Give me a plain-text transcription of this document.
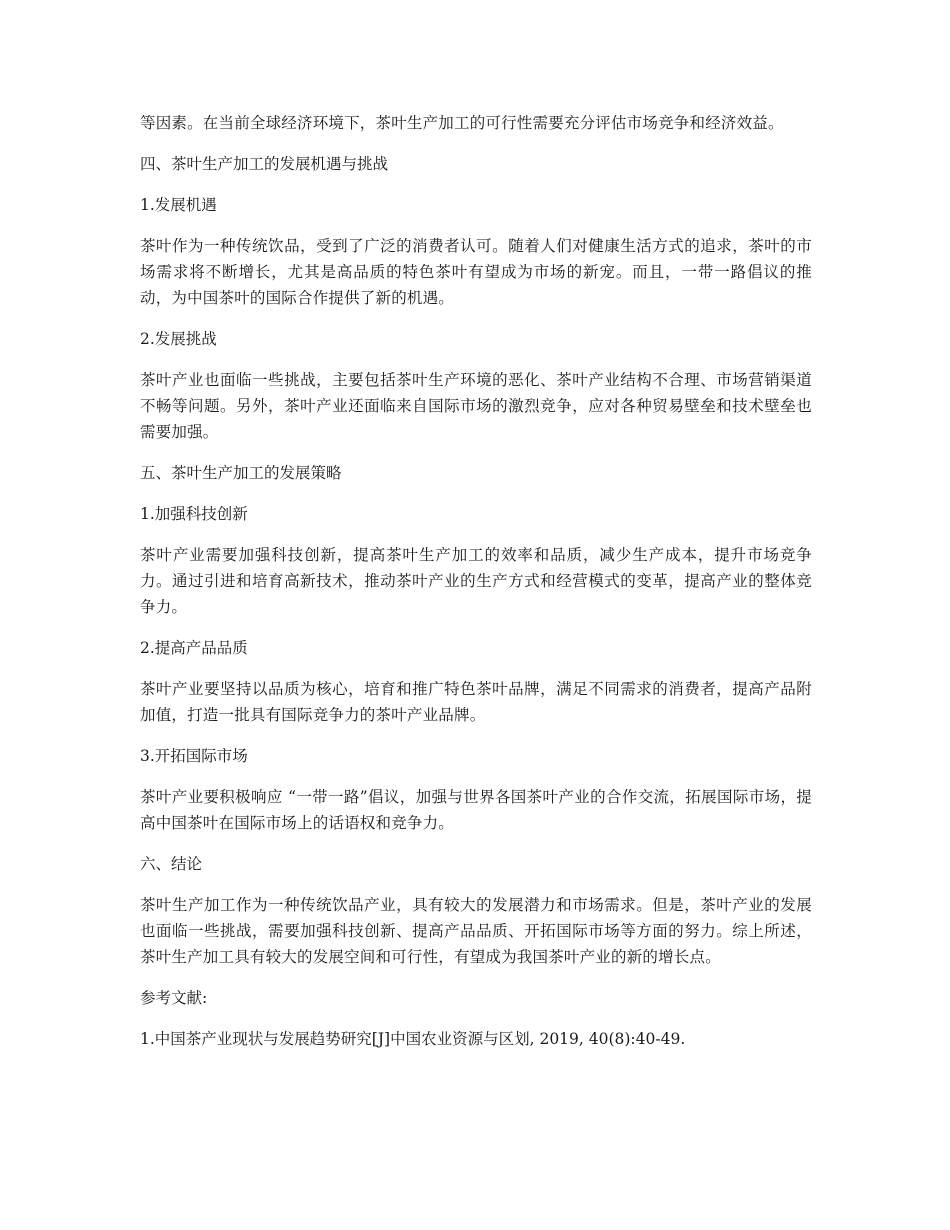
等因素。在当前全球经济环境下，茶叶生产加工的可行性需要充分评估市场竞争和经济效益。

四、茶叶生产加工的发展机遇与挑战

1.发展机遇

茶叶作为一种传统饮品，受到了广泛的消费者认可。随着人们对健康生活方式的追求，茶叶的市场需求将不断增长，尤其是高品质的特色茶叶有望成为市场的新宠。而且，一带一路倡议的推动，为中国茶叶的国际合作提供了新的机遇。

2.发展挑战

茶叶产业也面临一些挑战，主要包括茶叶生产环境的恶化、茶叶产业结构不合理、市场营销渠道不畅等问题。另外，茶叶产业还面临来自国际市场的激烈竞争，应对各种贸易壁垒和技术壁垒也需要加强。

五、茶叶生产加工的发展策略

1.加强科技创新

茶叶产业需要加强科技创新，提高茶叶生产加工的效率和品质，减少生产成本，提升市场竞争力。通过引进和培育高新技术，推动茶叶产业的生产方式和经营模式的变革，提高产业的整体竞争力。

2.提高产品品质

茶叶产业要坚持以品质为核心，培育和推广特色茶叶品牌，满足不同需求的消费者，提高产品附加值，打造一批具有国际竞争力的茶叶产业品牌。

3.开拓国际市场

茶叶产业要积极响应 “一带一路”倡议，加强与世界各国茶叶产业的合作交流，拓展国际市场，提高中国茶叶在国际市场上的话语权和竞争力。

六、结论

茶叶生产加工作为一种传统饮品产业，具有较大的发展潜力和市场需求。但是，茶叶产业的发展也面临一些挑战，需要加强科技创新、提高产品品质、开拓国际市场等方面的努力。综上所述，茶叶生产加工具有较大的发展空间和可行性，有望成为我国茶叶产业的新的增长点。

参考文献:

1.中国茶产业现状与发展趋势研究[J]中国农业资源与区划, 2019, 40(8):40-49.
